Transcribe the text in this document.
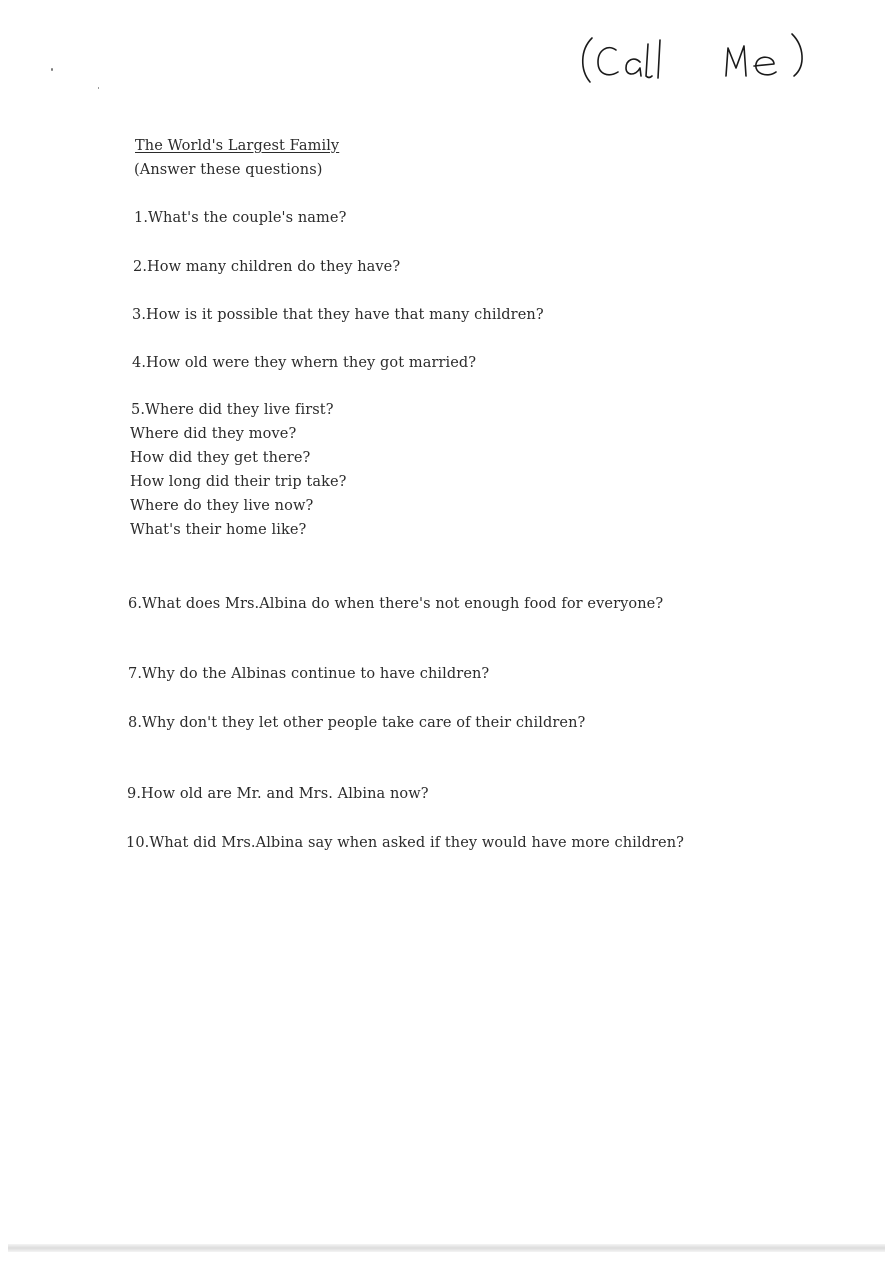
The World's Largest Family
(Answer these questions)
1.What's the couple's name?
2.How many children do they have?
3.How is it possible that they have that many children?
4.How old were they whern they got married?
5.Where did they live first?
Where did they move?
How did they get there?
How long did their trip take?
Where do they live now?
What's their home like?
6.What does Mrs.Albina do when there's not enough food for everyone?
7.Why do the Albinas continue to have children?
8.Why don't they let other people take care of their children?
9.How old are Mr. and Mrs. Albina now?
10.What did Mrs.Albina say when asked if they would have more children?
